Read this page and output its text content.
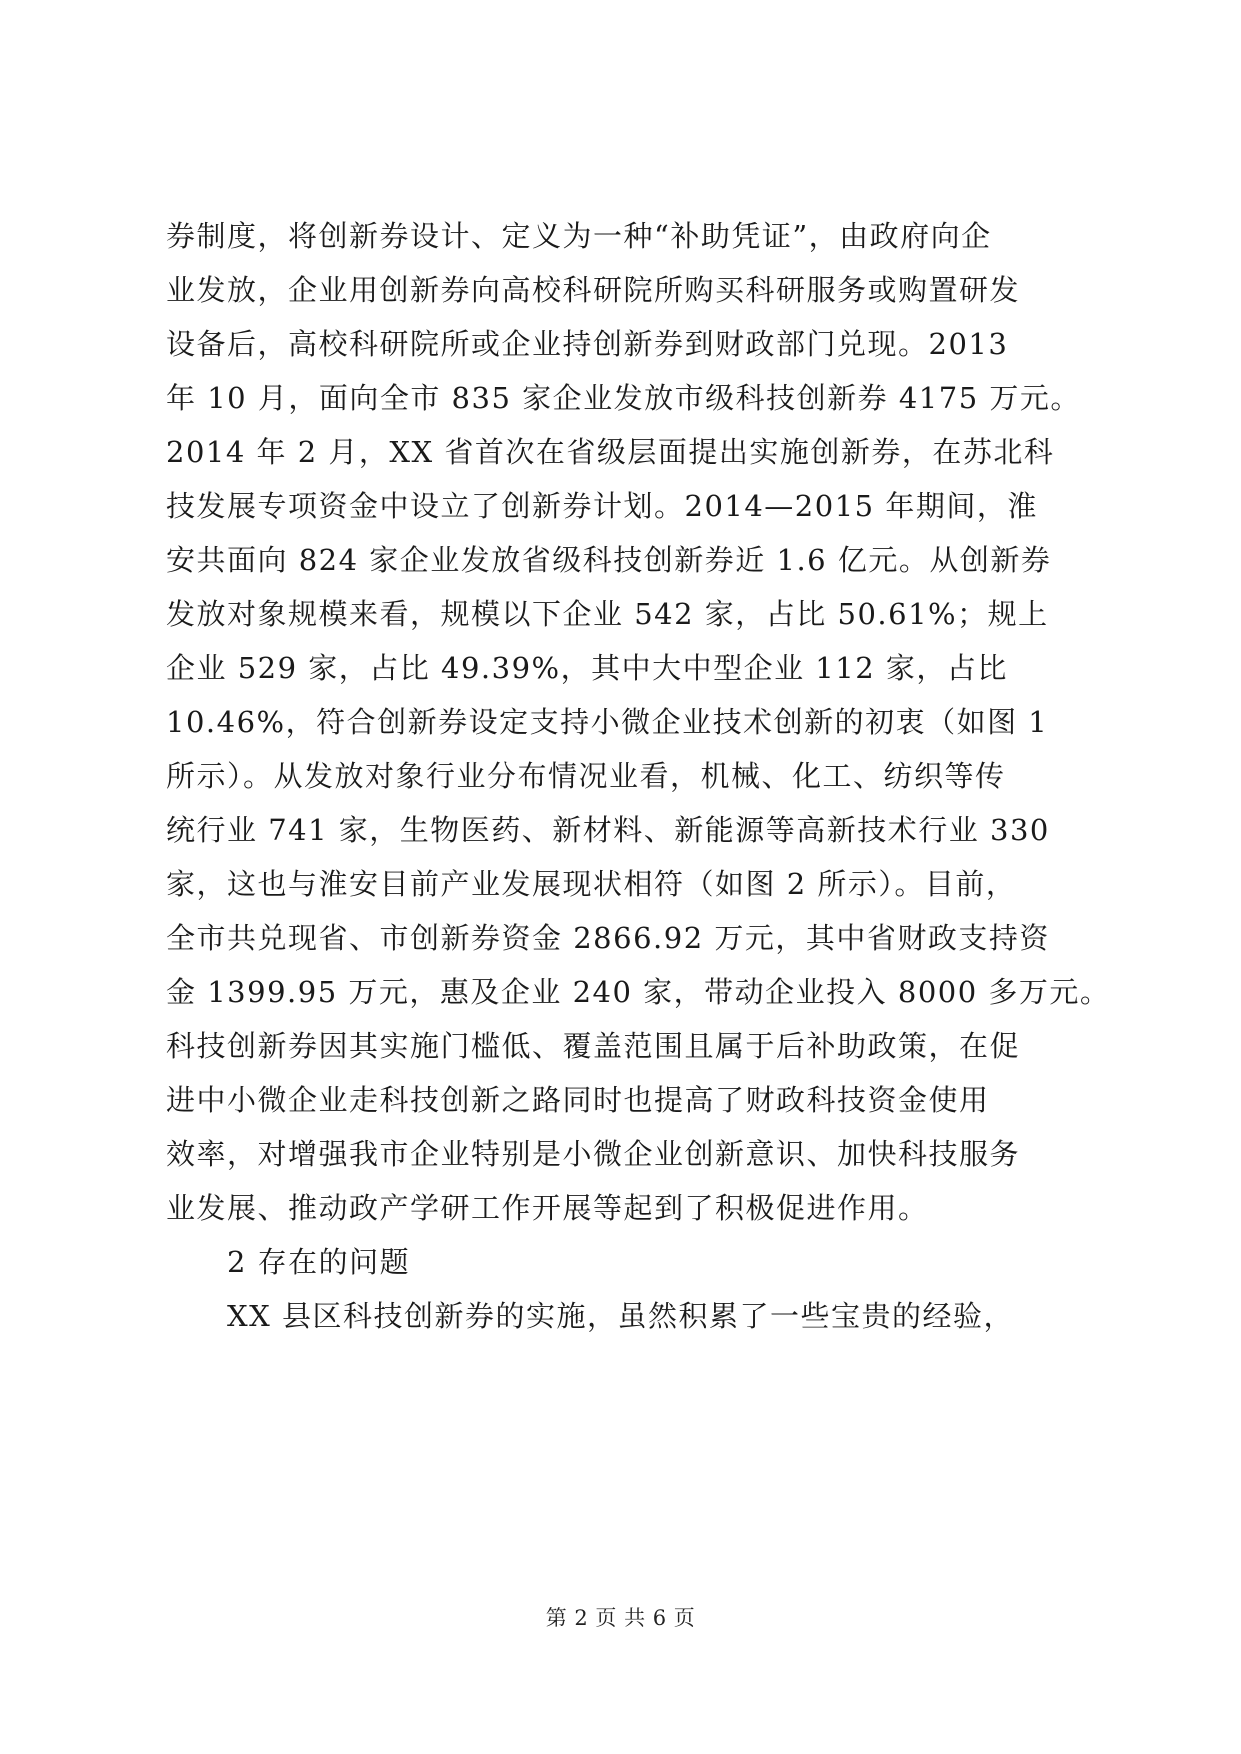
券制度，将创新券设计、定义为一种“补助凭证”，由政府向企
业发放，企业用创新券向高校科研院所购买科研服务或购置研发
设备后，高校科研院所或企业持创新券到财政部门兑现。2013
年 10 月，面向全市 835 家企业发放市级科技创新券 4175 万元。
2014 年 2 月，XX 省首次在省级层面提出实施创新券，在苏北科
技发展专项资金中设立了创新券计划。2014—2015 年期间，淮
安共面向 824 家企业发放省级科技创新券近 1.6 亿元。从创新券
发放对象规模来看，规模以下企业 542 家，占比 50.61%；规上
企业 529 家，占比 49.39%，其中大中型企业 112 家，占比
10.46%，符合创新券设定支持小微企业技术创新的初衷（如图 1
所示）。从发放对象行业分布情况业看，机械、化工、纺织等传
统行业 741 家，生物医药、新材料、新能源等高新技术行业 330
家，这也与淮安目前产业发展现状相符（如图 2 所示）。目前，
全市共兑现省、市创新券资金 2866.92 万元，其中省财政支持资
金 1399.95 万元，惠及企业 240 家，带动企业投入 8000 多万元。
科技创新券因其实施门槛低、覆盖范围且属于后补助政策，在促
进中小微企业走科技创新之路同时也提高了财政科技资金使用
效率，对增强我市企业特别是小微企业创新意识、加快科技服务
业发展、推动政产学研工作开展等起到了积极促进作用。
2 存在的问题
XX 县区科技创新券的实施，虽然积累了一些宝贵的经验，
第 2 页 共 6 页
